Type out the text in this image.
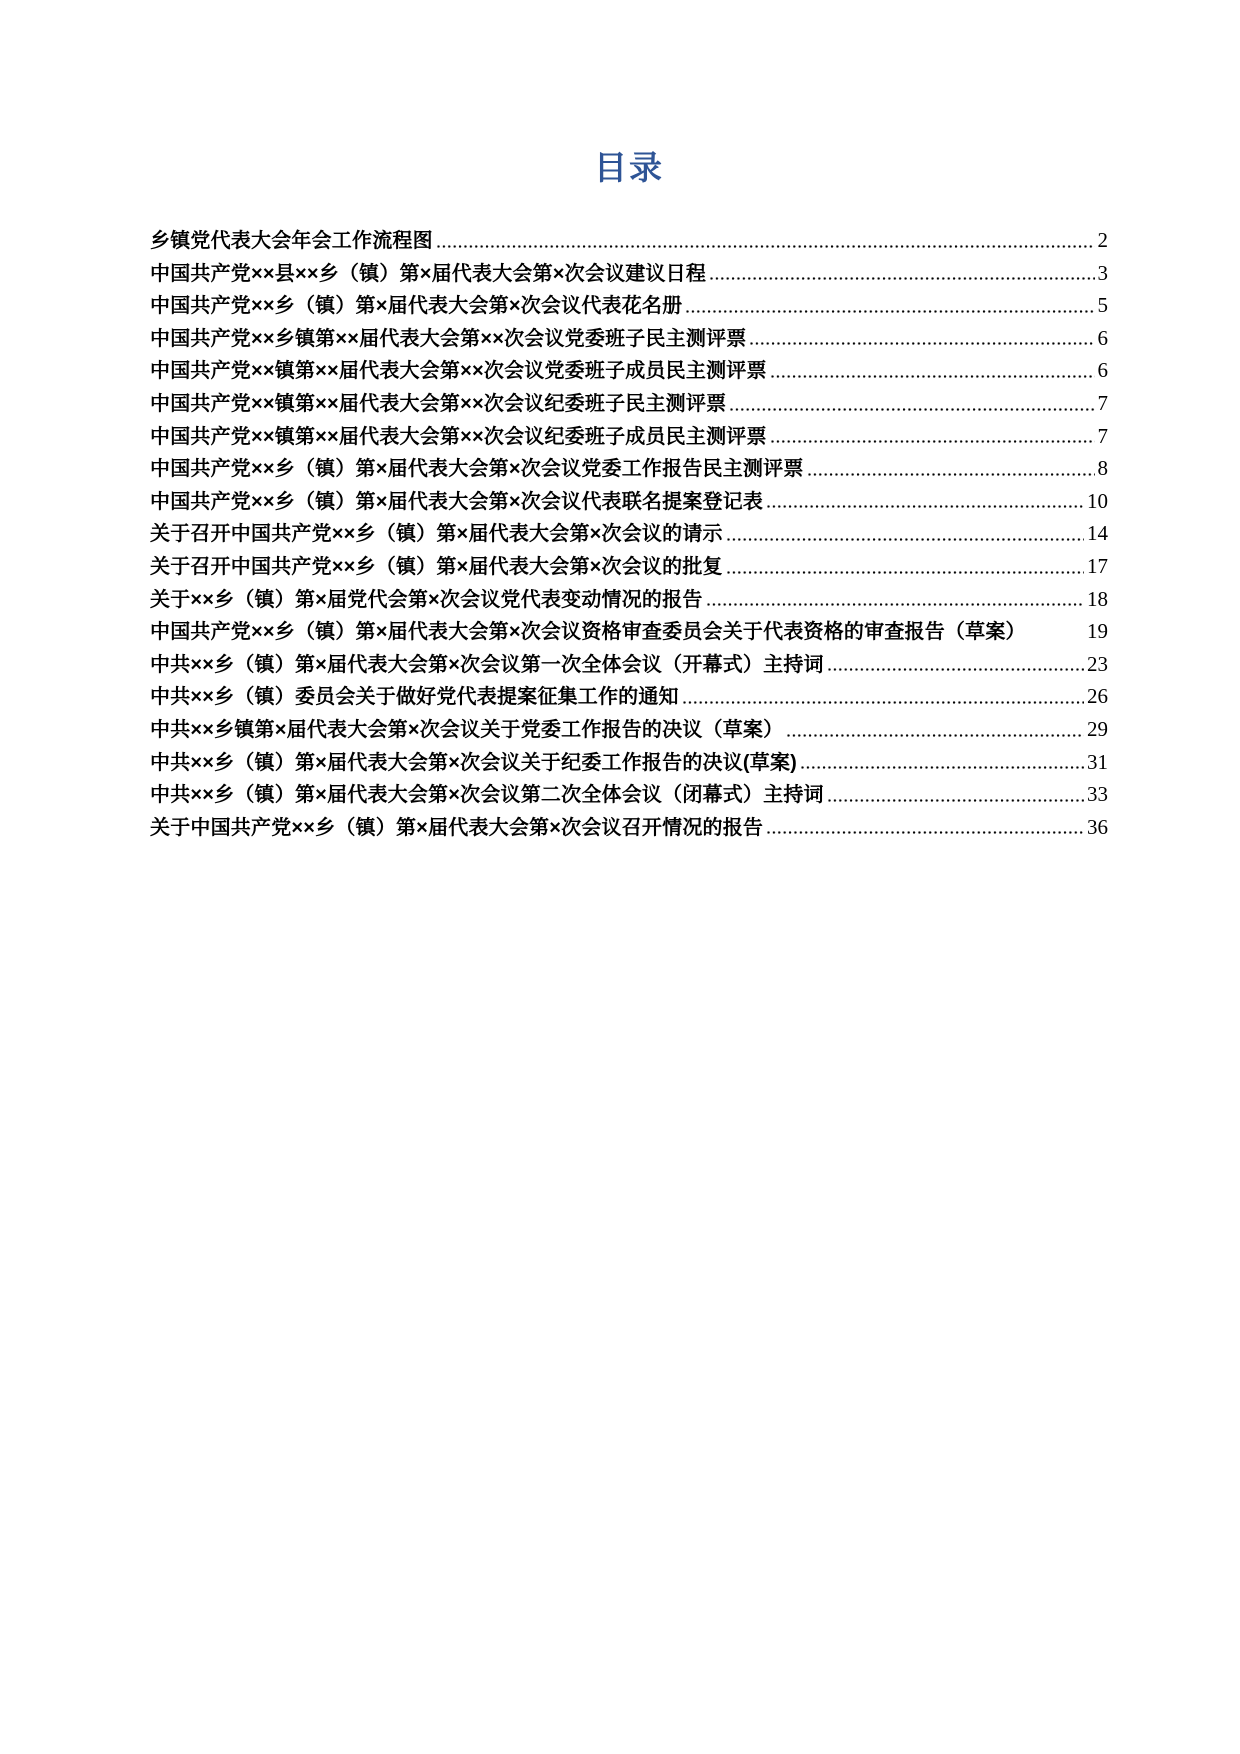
目录
乡镇党代表大会年会工作流程图	2
中国共产党××县××乡（镇）第×届代表大会第×次会议建议日程	3
中国共产党××乡（镇）第×届代表大会第×次会议代表花名册	5
中国共产党××乡镇第××届代表大会第××次会议党委班子民主测评票	6
中国共产党××镇第××届代表大会第××次会议党委班子成员民主测评票	6
中国共产党××镇第××届代表大会第××次会议纪委班子民主测评票	7
中国共产党××镇第××届代表大会第××次会议纪委班子成员民主测评票	7
中国共产党××乡（镇）第×届代表大会第×次会议党委工作报告民主测评票	8
中国共产党××乡（镇）第×届代表大会第×次会议代表联名提案登记表	10
关于召开中国共产党××乡（镇）第×届代表大会第×次会议的请示	14
关于召开中国共产党××乡（镇）第×届代表大会第×次会议的批复	17
关于××乡（镇）第×届党代会第×次会议党代表变动情况的报告	18
中国共产党××乡（镇）第×届代表大会第×次会议资格审查委员会关于代表资格的审查报告（草案）	19
中共××乡（镇）第×届代表大会第×次会议第一次全体会议（开幕式）主持词	23
中共××乡（镇）委员会关于做好党代表提案征集工作的通知	26
中共××乡镇第×届代表大会第×次会议关于党委工作报告的决议（草案）	29
中共××乡（镇）第×届代表大会第×次会议关于纪委工作报告的决议(草案)	31
中共××乡（镇）第×届代表大会第×次会议第二次全体会议（闭幕式）主持词	33
关于中国共产党××乡（镇）第×届代表大会第×次会议召开情况的报告	36
